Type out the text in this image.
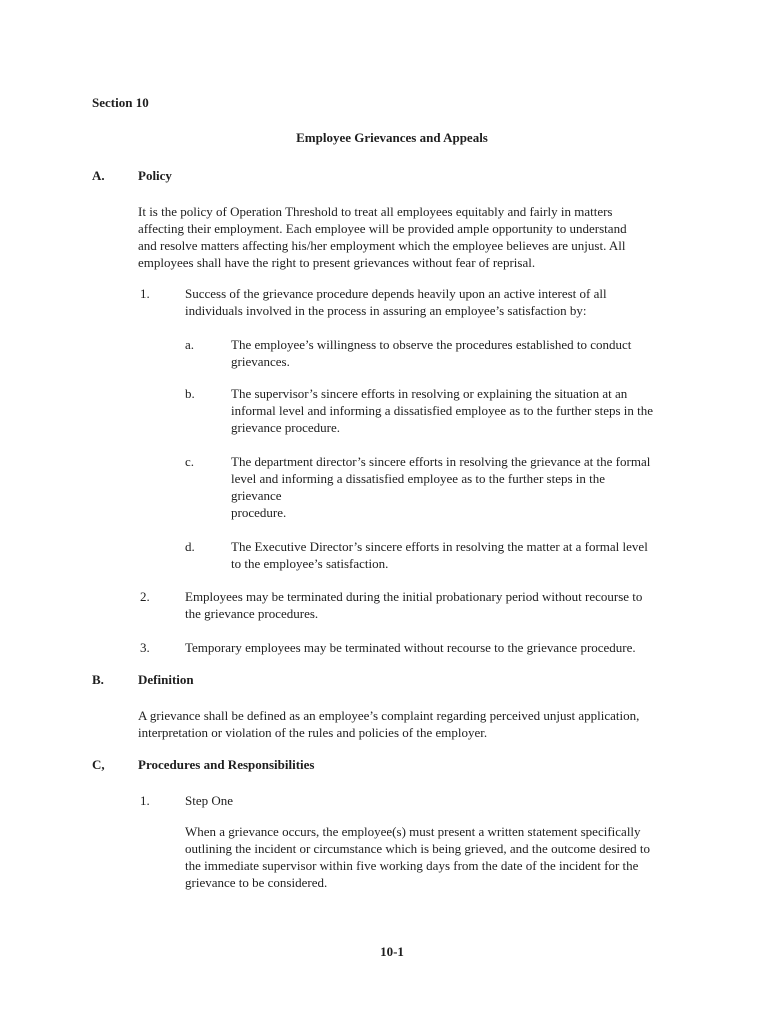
Section 10
Employee Grievances and Appeals
A.	Policy

It is the policy of Operation Threshold to treat all employees equitably and fairly in matters
affecting their employment. Each employee will be provided ample opportunity to understand
and resolve matters affecting his/her employment which the employee believes are unjust. All
employees shall have the right to present grievances without fear of reprisal.

1.	Success of the grievance procedure depends heavily upon an active interest of all
individuals involved in the process in assuring an employee’s satisfaction by:

a.	The employee’s willingness to observe the procedures established to conduct
grievances.

b.	The supervisor’s sincere efforts in resolving or explaining the situation at an
informal level and informing a dissatisfied employee as to the further steps in the
grievance procedure.

c.	The department director’s sincere efforts in resolving the grievance at the formal
level and informing a dissatisfied employee as to the further steps in the
grievance
procedure.

d.	The Executive Director’s sincere efforts in resolving the matter at a formal level
to the employee’s satisfaction.

2.	Employees may be terminated during the initial probationary period without recourse to
the grievance procedures.

3.	Temporary employees may be terminated without recourse to the grievance procedure.

B.	Definition

A grievance shall be defined as an employee’s complaint regarding perceived unjust application,
interpretation or violation of the rules and policies of the employer.

C,	Procedures and Responsibilities
1.	Step One

When a grievance occurs, the employee(s) must present a written statement specifically
outlining the incident or circumstance which is being grieved, and the outcome desired to
the immediate supervisor within five working days from the date of the incident for the
grievance to be considered.

10-1
